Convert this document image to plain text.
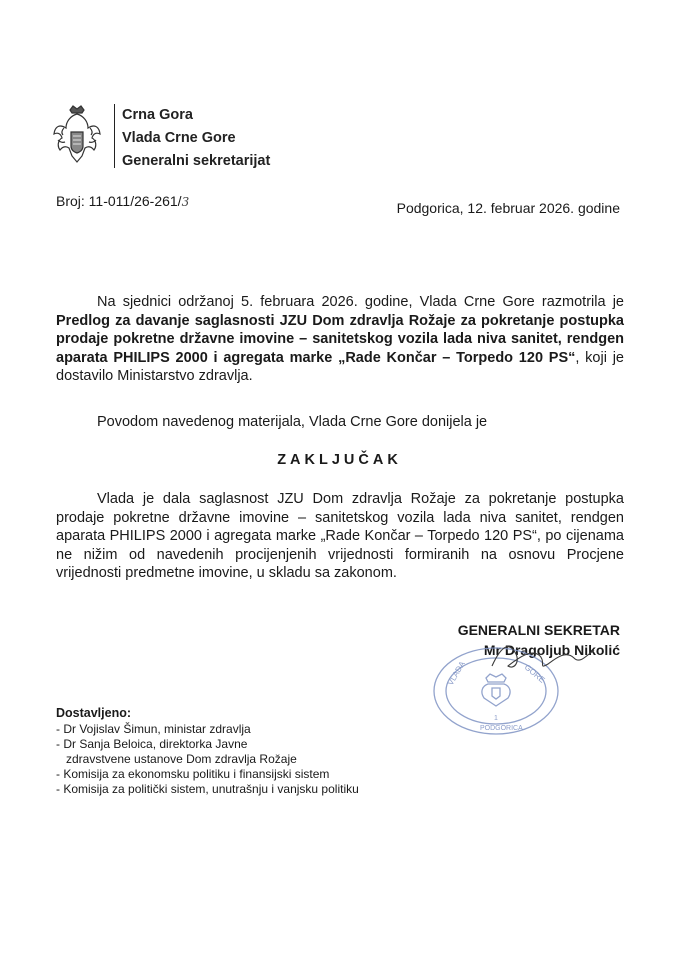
Crna Gora
Vlada Crne Gore
Generalni sekretarijat
Broj: 11-011/26-261/3	Podgorica, 12. februar 2026. godine
Na sjednici održanoj 5. februara 2026. godine, Vlada Crne Gore razmotrila je Predlog za davanje saglasnosti JZU Dom zdravlja Rožaje za pokretanje postupka prodaje pokretne državne imovine – sanitetskog vozila lada niva sanitet, rendgen aparata PHILIPS 2000 i agregata marke „Rade Končar – Torpedo 120 PS“, koji je dostavilo Ministarstvo zdravlja.
Povodom navedenog materijala, Vlada Crne Gore donijela je
ZAKLJUČAK
Vlada je dala saglasnost JZU Dom zdravlja Rožaje za pokretanje postupka prodaje pokretne državne imovine – sanitetskog vozila lada niva sanitet, rendgen aparata PHILIPS 2000 i agregata marke „Rade Končar – Torpedo 120 PS“, po cijenama ne nižim od navedenih procijenjenih vrijednosti formiranih na osnovu Procjene vrijednosti predmetne imovine, u skladu sa zakonom.
GENERALNI SEKRETAR
Mr Dragoljub Nikolić
VLADA	GORE
PODGORICA
1
Dostavljeno:
- Dr Vojislav Šimun, ministar zdravlja
- Dr Sanja Beloica, direktorka Javne
zdravstvene ustanove Dom zdravlja Rožaje
- Komisija za ekonomsku politiku i finansijski sistem
- Komisija za politički sistem, unutrašnju i vanjsku politiku
